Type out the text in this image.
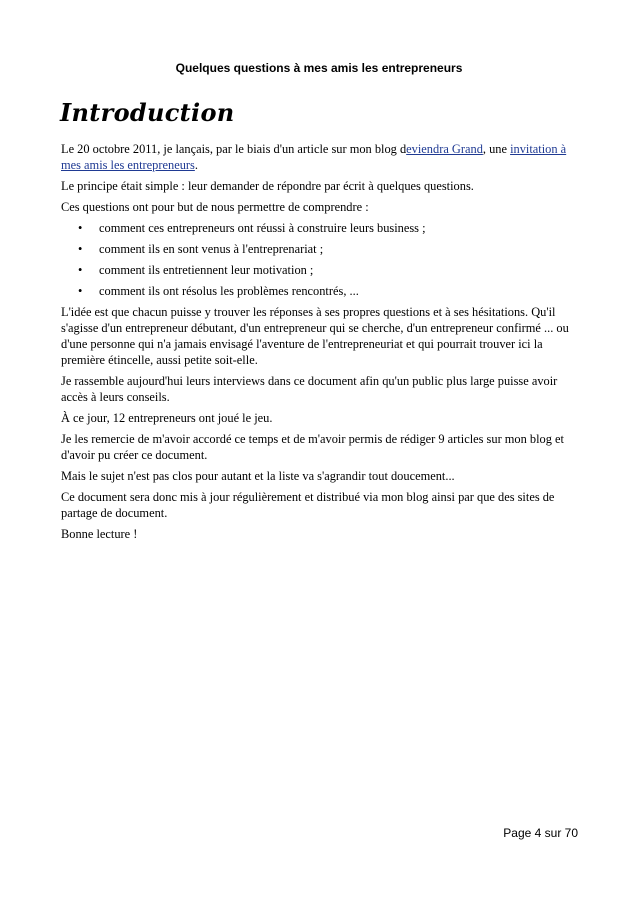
Quelques questions à mes amis les entrepreneurs
Introduction

Le 20 octobre 2011, je lançais, par le biais d'un article sur mon blog deviendra Grand, une invitation à mes amis les entrepreneurs.

Le principe était simple : leur demander de répondre par écrit à quelques questions.

Ces questions ont pour but de nous permettre de comprendre :

• comment ces entrepreneurs ont réussi à construire leurs business ;
• comment ils en sont venus à l'entreprenariat ;
• comment ils entretiennent leur motivation ;
• comment ils ont résolus les problèmes rencontrés, ...

L'idée est que chacun puisse y trouver les réponses à ses propres questions et à ses hésitations. Qu'il s'agisse d'un entrepreneur débutant, d'un entrepreneur qui se cherche, d'un entrepreneur confirmé ... ou d'une personne qui n'a jamais envisagé l'aventure de l'entrepreneuriat et qui pourrait trouver ici la première étincelle, aussi petite soit-elle.

Je rassemble aujourd'hui leurs interviews dans ce document afin qu'un public plus large puisse avoir accès à leurs conseils.

À ce jour, 12 entrepreneurs ont joué le jeu.

Je les remercie de m'avoir accordé ce temps et de m'avoir permis de rédiger 9 articles sur mon blog et d'avoir pu créer ce document.

Mais le sujet n'est pas clos pour autant et la liste va s'agrandir tout doucement...

Ce document sera donc mis à jour régulièrement et distribué via mon blog ainsi par que des sites de partage de document.

Bonne lecture !

Page 4 sur 70
